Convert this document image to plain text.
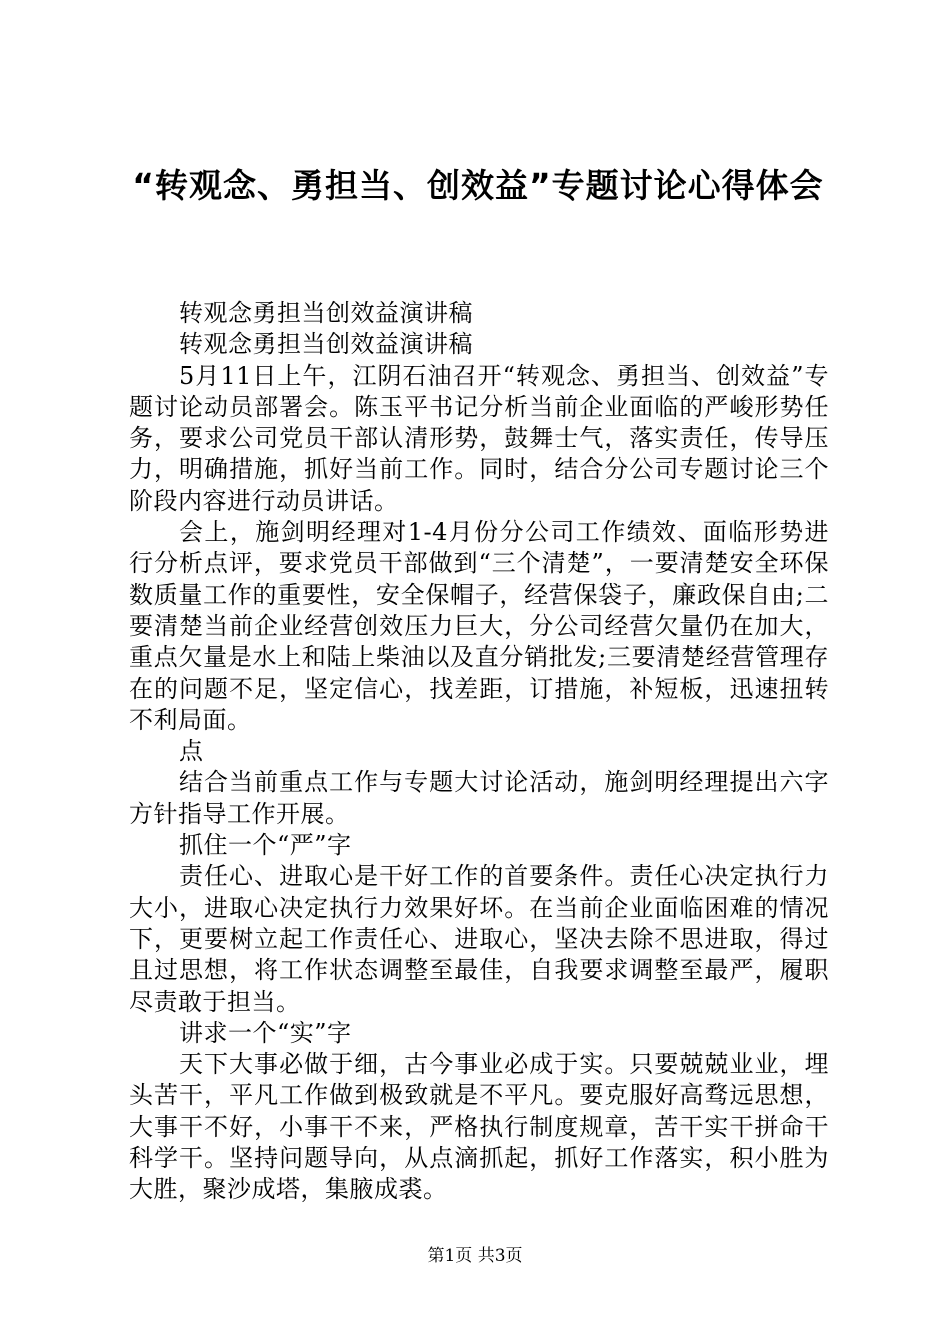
“转观念、勇担当、创效益”专题讨论心得体会

转观念勇担当创效益演讲稿

转观念勇担当创效益演讲稿

5月11日上午，江阴石油召开“转观念、勇担当、创效益”专题讨论动员部署会。陈玉平书记分析当前企业面临的严峻形势任务，要求公司党员干部认清形势，鼓舞士气，落实责任，传导压力，明确措施，抓好当前工作。同时，结合分公司专题讨论三个阶段内容进行动员讲话。

会上，施剑明经理对1-4月份分公司工作绩效、面临形势进行分析点评，要求党员干部做到“三个清楚”，一要清楚安全环保数质量工作的重要性，安全保帽子，经营保袋子，廉政保自由;二要清楚当前企业经营创效压力巨大，分公司经营欠量仍在加大，重点欠量是水上和陆上柴油以及直分销批发;三要清楚经营管理存在的问题不足，坚定信心，找差距，订措施，补短板，迅速扭转不利局面。

点

结合当前重点工作与专题大讨论活动，施剑明经理提出六字方针指导工作开展。

抓住一个“严”字

责任心、进取心是干好工作的首要条件。责任心决定执行力大小，进取心决定执行力效果好坏。在当前企业面临困难的情况下，更要树立起工作责任心、进取心，坚决去除不思进取，得过且过思想，将工作状态调整至最佳，自我要求调整至最严，履职尽责敢于担当。

讲求一个“实”字

天下大事必做于细，古今事业必成于实。只要兢兢业业，埋头苦干，平凡工作做到极致就是不平凡。要克服好高骛远思想，大事干不好，小事干不来，严格执行制度规章，苦干实干拼命干科学干。坚持问题导向，从点滴抓起，抓好工作落实，积小胜为大胜，聚沙成塔，集腋成裘。

第1页 共3页
